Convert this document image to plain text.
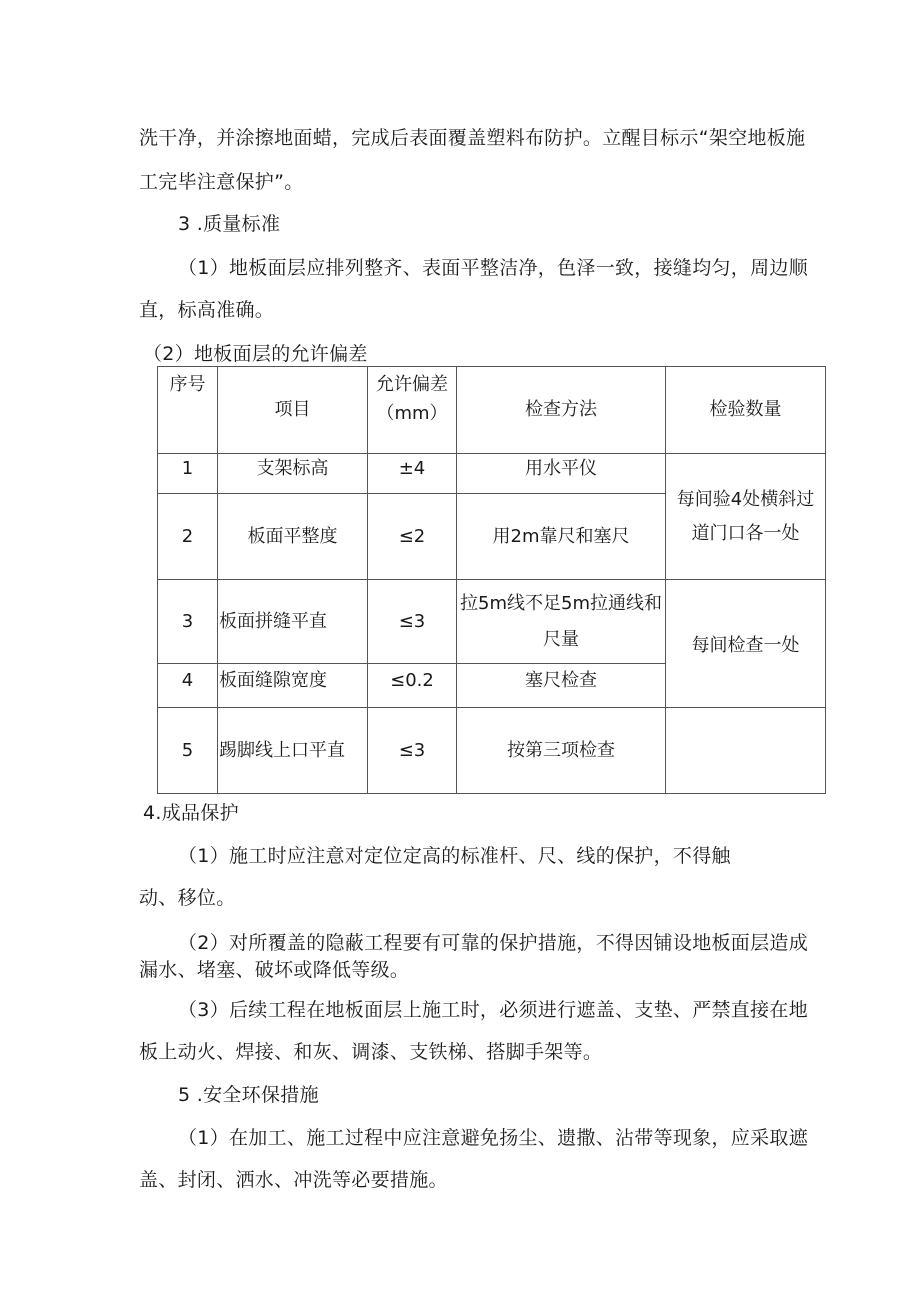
洗干净，并涂擦地面蜡，完成后表面覆盖塑料布防护。立醒目标示“架空地板施
工完毕注意保护”。
3 .质量标准
（1）地板面层应排列整齐、表面平整洁净，色泽一致，接缝均匀，周边顺
直，标高准确。
（2）地板面层的允许偏差
序号	项目	允许偏差（mm）	检查方法	检验数量
1	支架标高	±4	用水平仪	每间验4处横斜过道门口各一处
2	板面平整度	≤2	用2m靠尺和塞尺	
3	板面拼缝平直	≤3	拉5m线不足5m拉通线和尺量	每间检查一处
4	板面缝隙宽度	≤0.2	塞尺检查	
5	踢脚线上口平直	≤3	按第三项检查	
4.成品保护
（1）施工时应注意对定位定高的标准杆、尺、线的保护，不得触
动、移位。
（2）对所覆盖的隐蔽工程要有可靠的保护措施，不得因铺设地板面层造成
漏水、堵塞、破坏或降低等级。
（3）后续工程在地板面层上施工时，必须进行遮盖、支垫、严禁直接在地
板上动火、焊接、和灰、调漆、支铁梯、搭脚手架等。
5 .安全环保措施
（1）在加工、施工过程中应注意避免扬尘、遗撒、沾带等现象，应采取遮
盖、封闭、洒水、冲洗等必要措施。
